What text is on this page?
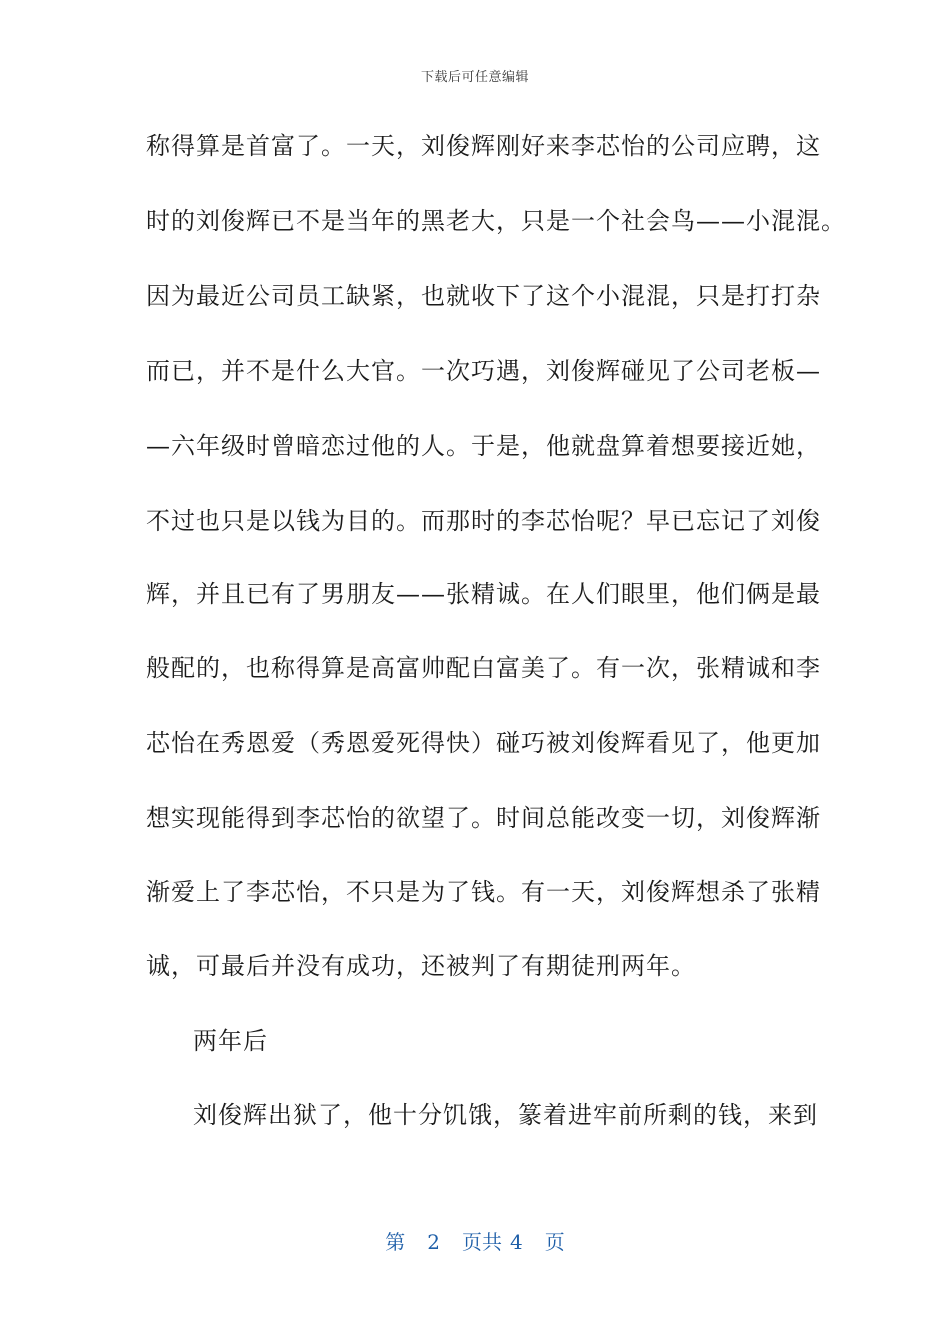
下载后可任意编辑
称得算是首富了。一天，刘俊辉刚好来李芯怡的公司应聘，这
时的刘俊辉已不是当年的黑老大，只是一个社会鸟——小混混。
因为最近公司员工缺紧，也就收下了这个小混混，只是打打杂
而已，并不是什么大官。一次巧遇，刘俊辉碰见了公司老板—
—六年级时曾暗恋过他的人。于是，他就盘算着想要接近她，
不过也只是以钱为目的。而那时的李芯怡呢？早已忘记了刘俊
辉，并且已有了男朋友——张精诚。在人们眼里，他们俩是最
般配的，也称得算是高富帅配白富美了。有一次，张精诚和李
芯怡在秀恩爱（秀恩爱死得快）碰巧被刘俊辉看见了，他更加
想实现能得到李芯怡的欲望了。时间总能改变一切，刘俊辉渐
渐爱上了李芯怡，不只是为了钱。有一天，刘俊辉想杀了张精
诚，可最后并没有成功，还被判了有期徒刑两年。
两年后
刘俊辉出狱了，他十分饥饿，篆着进牢前所剩的钱，来到
第 2 页共 4 页
